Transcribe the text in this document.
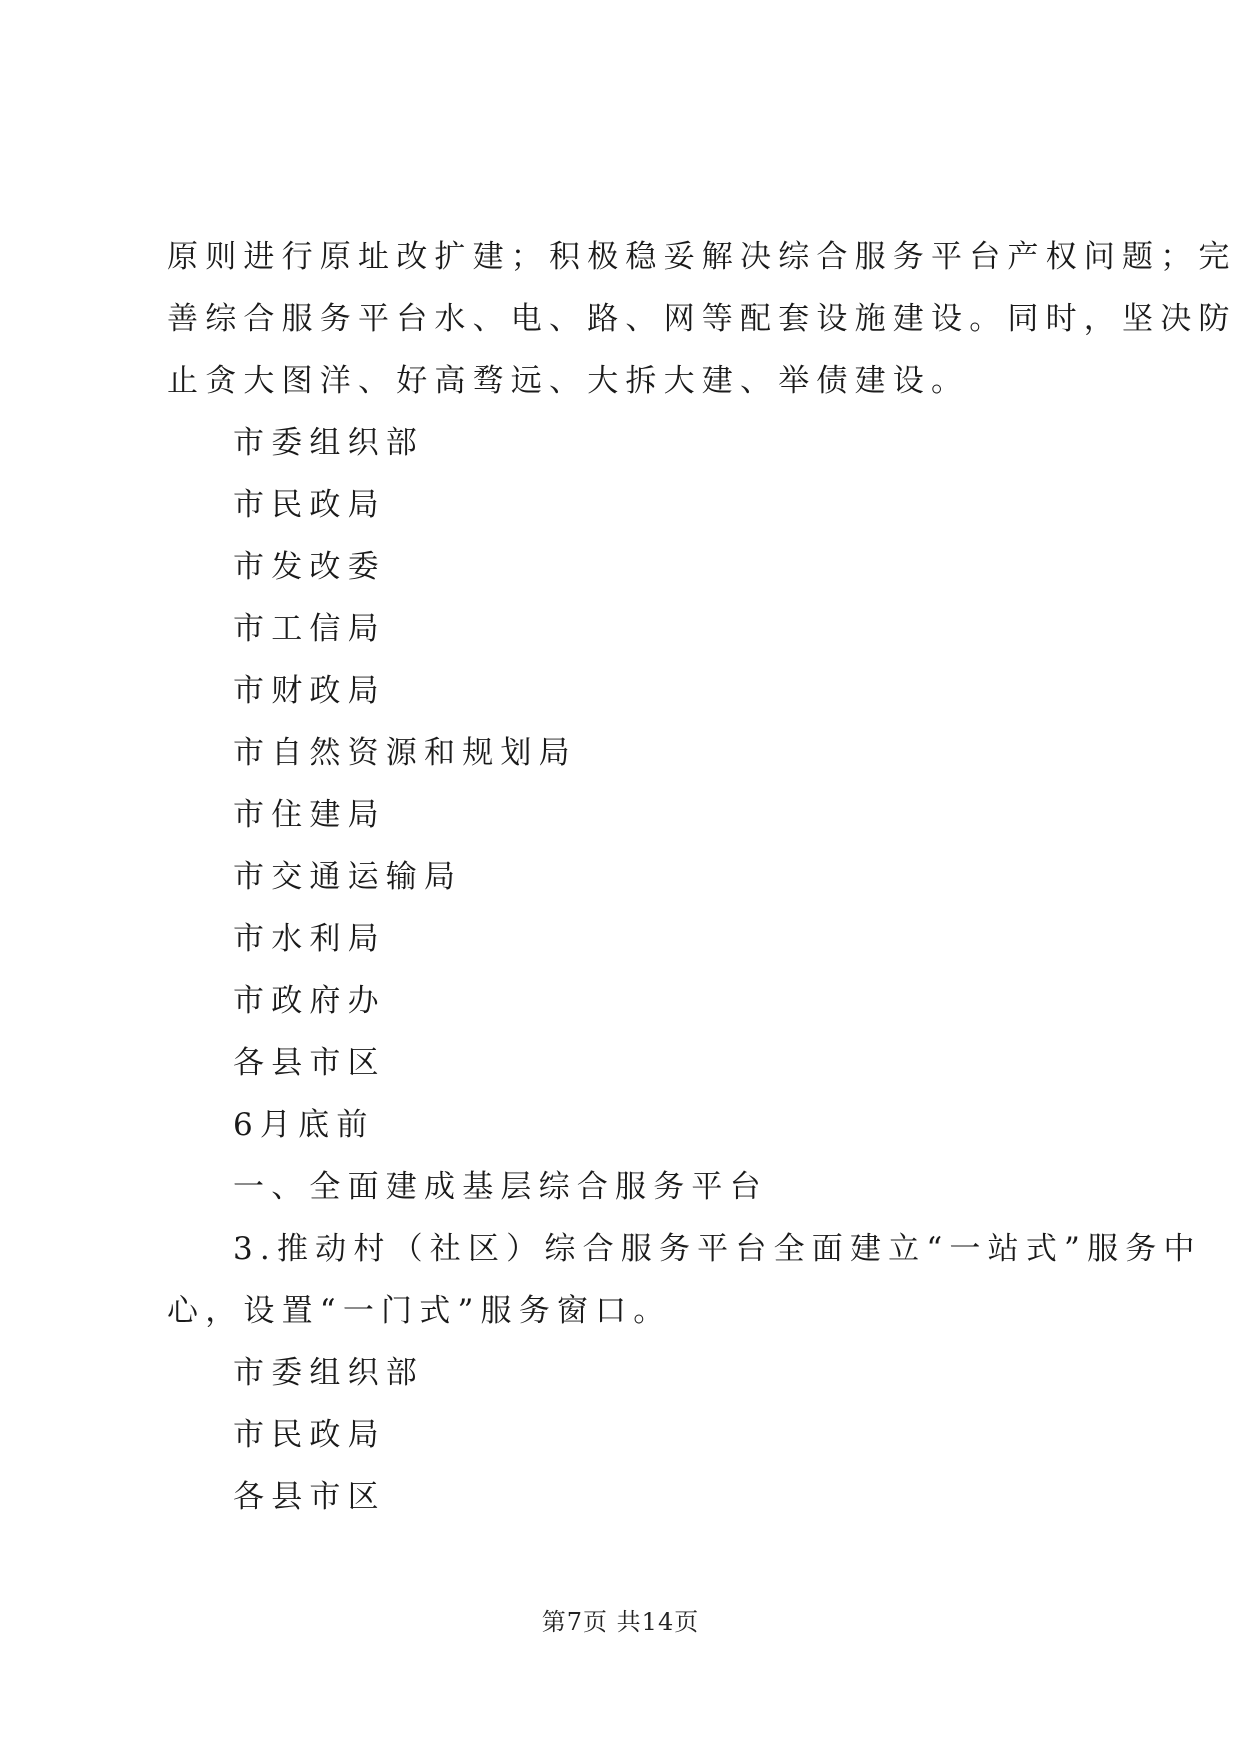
原则进行原址改扩建；积极稳妥解决综合服务平台产权问题；完
善综合服务平台水、电、路、网等配套设施建设。同时，坚决防
止贪大图洋、好高骛远、大拆大建、举债建设。
市委组织部
市民政局
市发改委
市工信局
市财政局
市自然资源和规划局
市住建局
市交通运输局
市水利局
市政府办
各县市区
6月底前
一、全面建成基层综合服务平台
3.推动村（社区）综合服务平台全面建立“一站式”服务中
心，设置“一门式”服务窗口。
市委组织部
市民政局
各县市区
第7页 共14页
